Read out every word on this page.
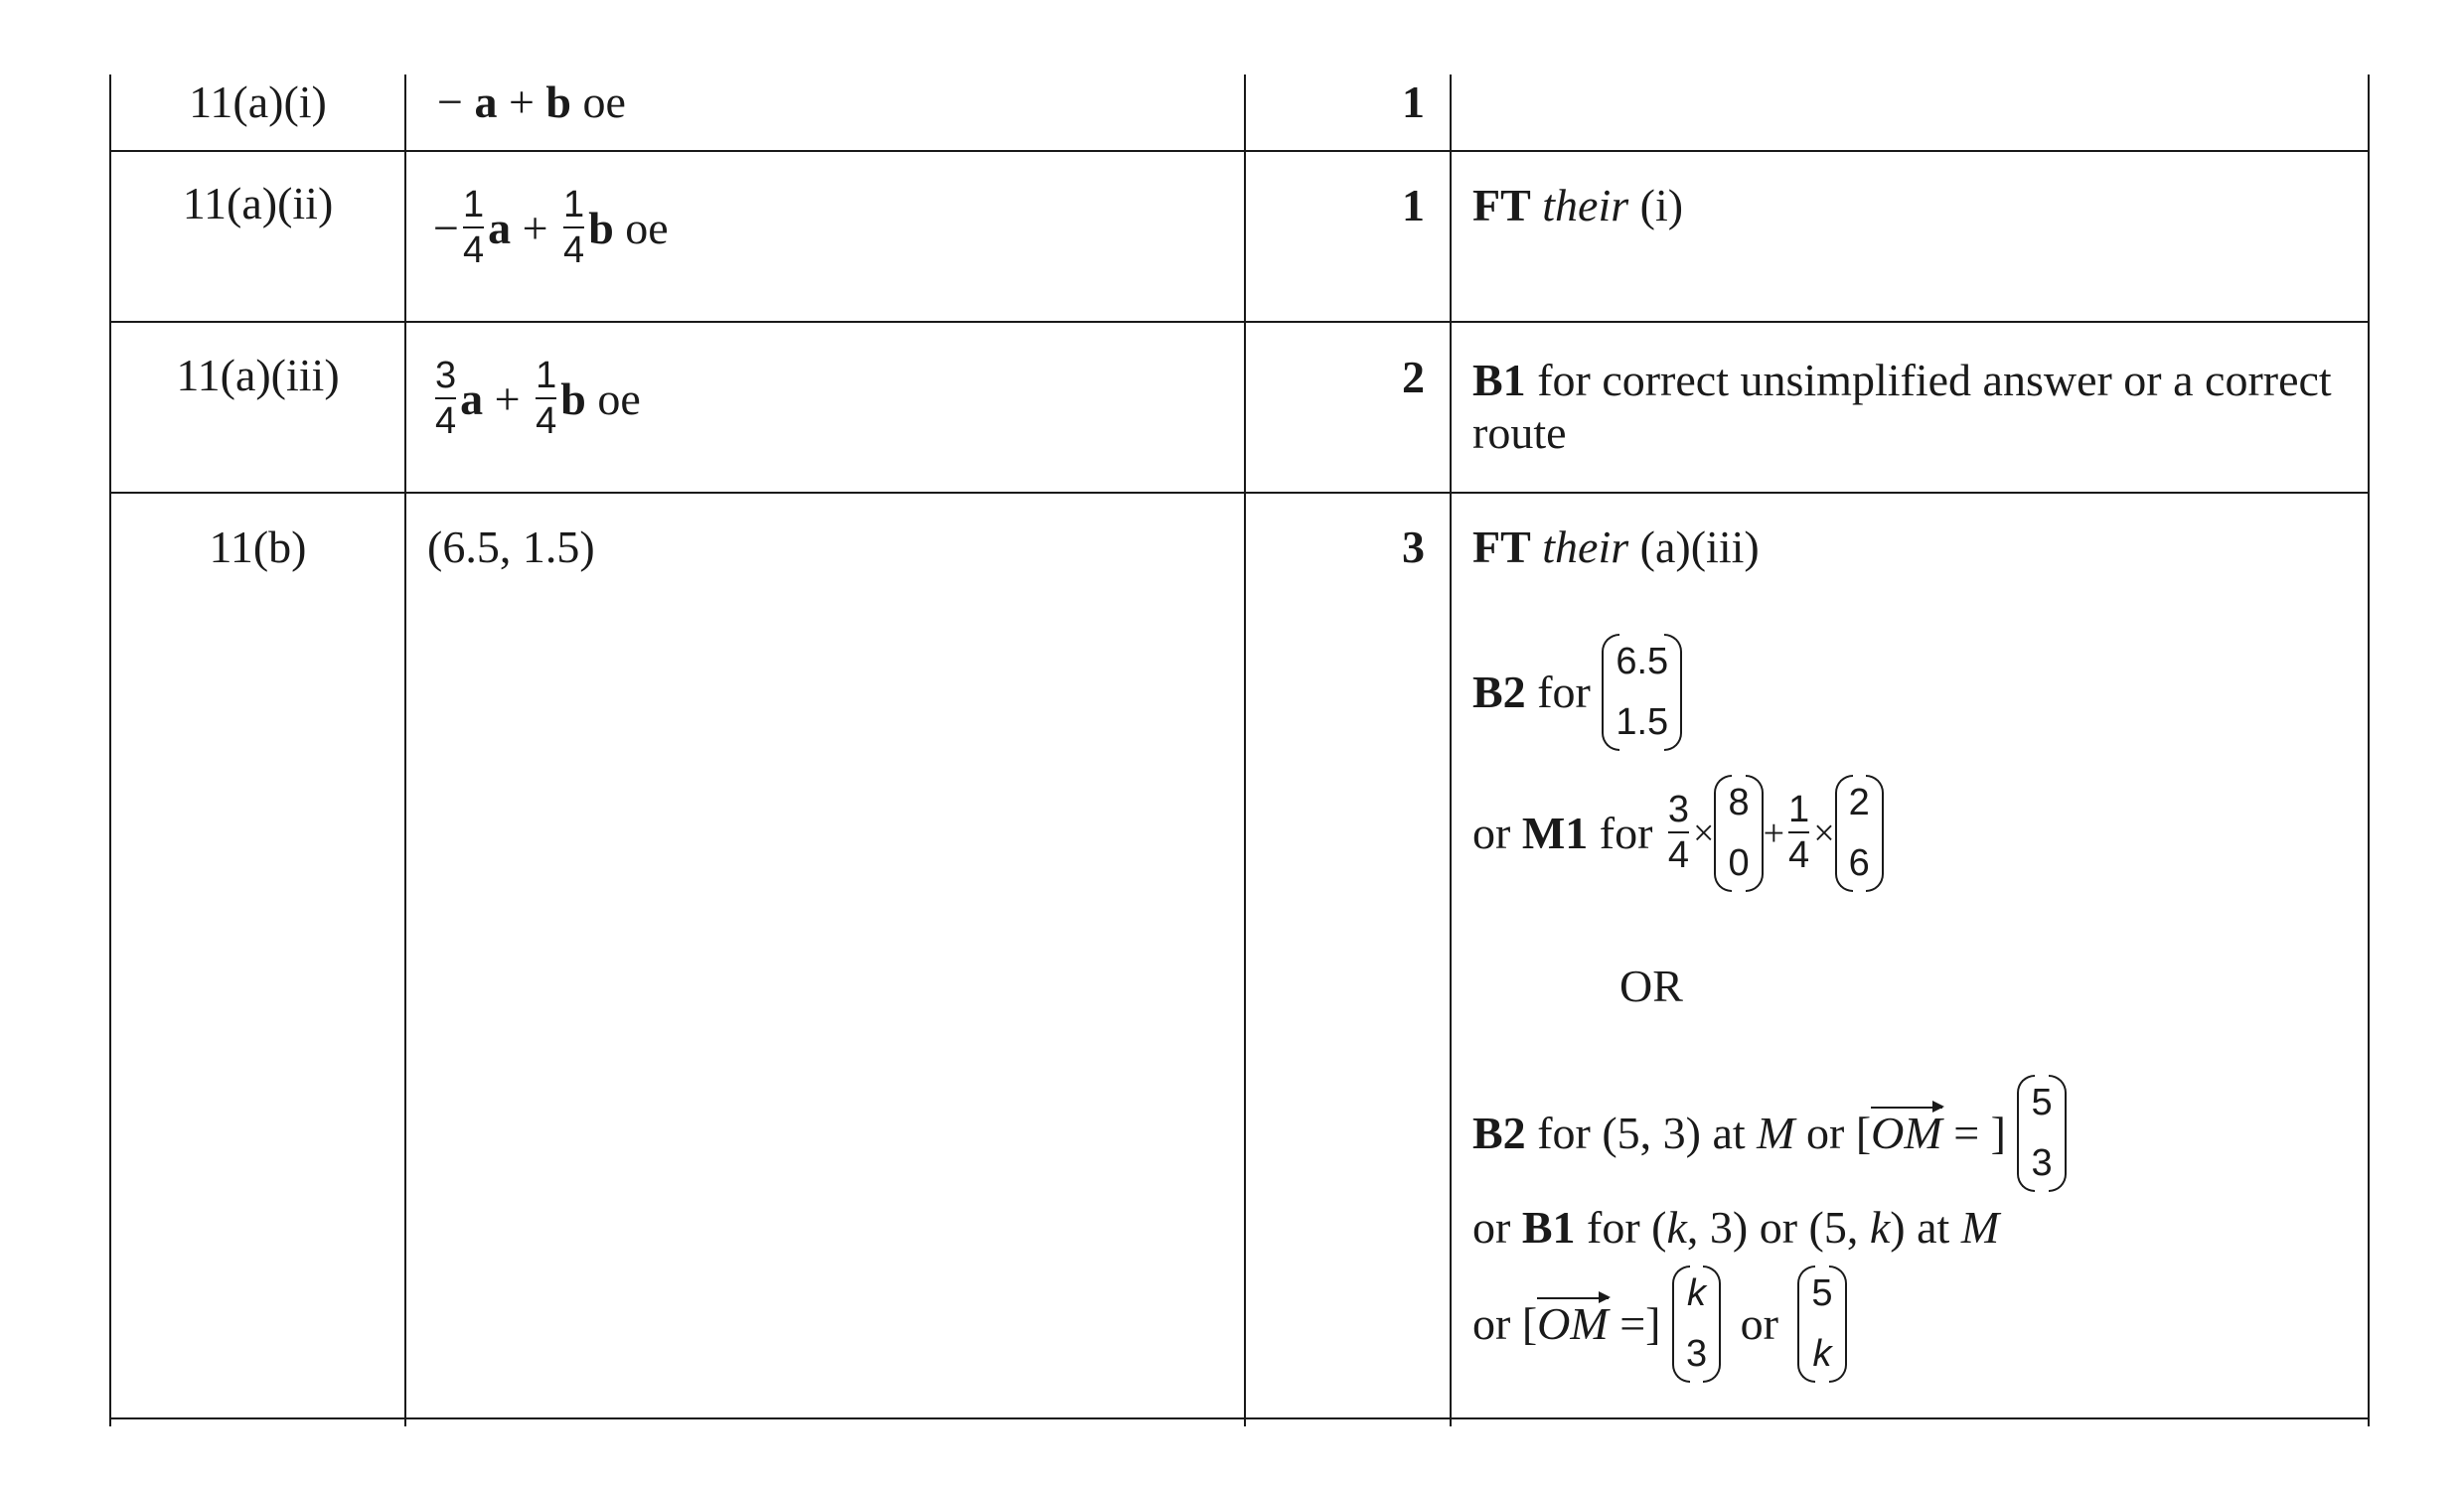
11(a)(i)	− a + b oe	1
11(a)(ii)	− $\frac{1}{4}$ $a + \frac{1}{4}$ b oe	1 FT their (i)
11(a)(iii)	$\frac{3}{4}$ $a + \frac{1}{4}$ b oe	2 B1 for correct unsimplified answer or a correct
route
11(b)	(6.5, 1.5)	3 FT their (a)(iii)
B2 for
6.5
1.5
or M1 for $\frac{3}{4}$ ×
8
0
+ $\frac{1}{4}$ ×
2
6
OR
B2 for (5, 3) at M or [OM = ]
5
3
or B1 for (k, 3) or (5, k) at M
or [OM =]
k
3
or
5
k
